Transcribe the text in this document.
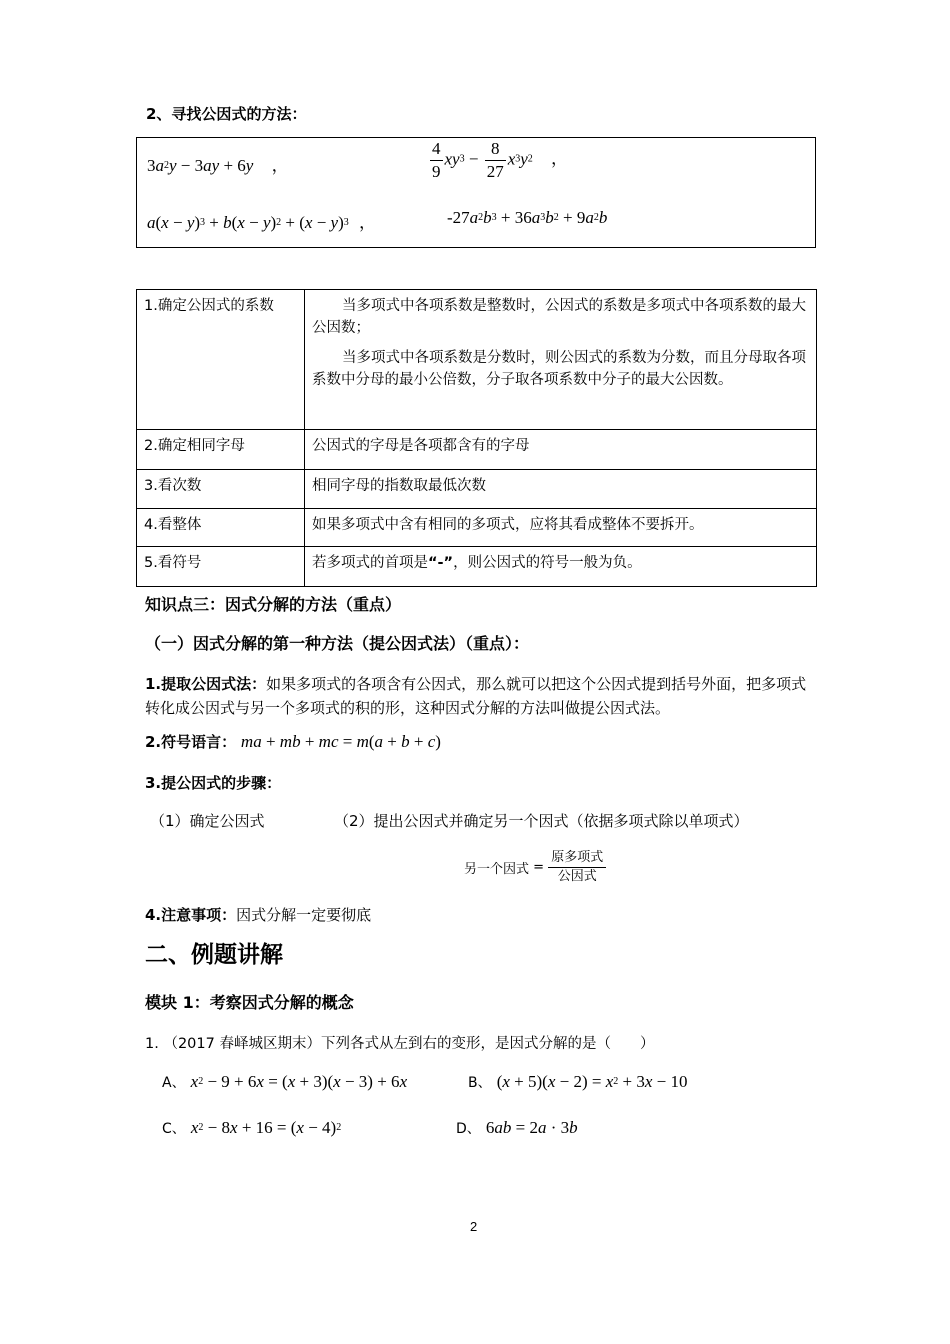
2、寻找公因式的方法：
$3a^2y - 3ay + 6y$ ，	$\frac{4}{9} xy^3 - \frac{8}{27} x^3y^2$ ，
$a(x - y)^3 + b(x - y)^2 + (x - y)^3$ ，	$-27a^2b^3 + 36a^3b^2 + 9a^2b$
1.确定公因式的系数	当多项式中各项系数是整数时，公因式的系数是多项式中各项系数的最大公因数；

当多项式中各项系数是分数时，则公因式的系数为分数，而且分母取各项系数中分母的最小公倍数，分子取各项系数中分子的最大公因数。

2.确定相同字母	公因式的字母是各项都含有的字母
3.看次数	相同字母的指数取最低次数
4.看整体	如果多项式中含有相同的多项式，应将其看成整体不要拆开。
5.看符号	若多项式的首项是“-”，则公因式的符号一般为负。
知识点三：因式分解的方法（重点）
（一）因式分解的第一种方法（提公因式法）（重点）：
1.提取公因式法：如果多项式的各项含有公因式，那么就可以把这个公因式提到括号外面，把多项式转化成公因式与另一个多项式的积的形，这种因式分解的方法叫做提公因式法。
2.符号语言： ma + mb + mc = m(a + b + c)
3.提公因式的步骤：
（1）确定公因式	（2）提出公因式并确定另一个因式（依据多项式除以单项式）
另一个因式 =
原多项式
公因式
4.注意事项：因式分解一定要彻底
二、例题讲解
模块 1：考察因式分解的概念
1. （2017 春峄城区期末）下列各式从左到右的变形，是因式分解的是（　　）
A、 $x^2 - 9 + 6x = (x + 3)(x - 3) + 6x$	B、 $(x + 5)(x - 2) = x^2 + 3x - 10$
C、 $x^2 - 8x + 16 = (x - 4)^2$	D、 6ab = 2a · 3b
2
